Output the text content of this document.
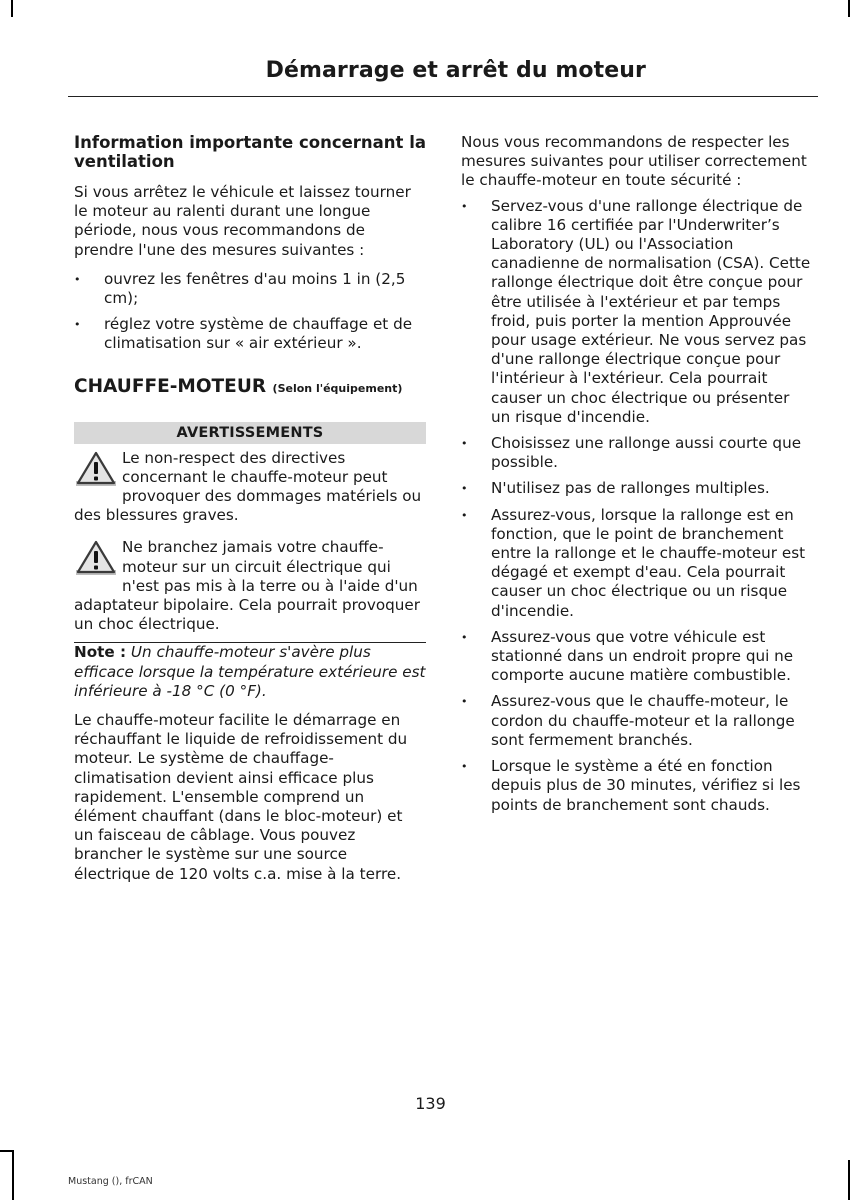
Démarrage et arrêt du moteur
Information importante concernant la ventilation

Si vous arrêtez le véhicule et laissez tourner le moteur au ralenti durant une longue période, nous vous recommandons de prendre l'une des mesures suivantes :

• ouvrez les fenêtres d'au moins 1 in (2,5 cm);
• réglez votre système de chauffage et de climatisation sur « air extérieur ».
CHAUFFE-MOTEUR (Selon l'équipement)
AVERTISSEMENTS

Le non-respect des directives concernant le chauffe-moteur peut provoquer des dommages matériels ou des blessures graves.

Ne branchez jamais votre chauffe-moteur sur un circuit électrique qui n'est pas mis à la terre ou à l'aide d'un adaptateur bipolaire. Cela pourrait provoquer un choc électrique.

Note : Un chauffe-moteur s'avère plus efficace lorsque la température extérieure est inférieure à -18 °C (0 °F).

Le chauffe-moteur facilite le démarrage en réchauffant le liquide de refroidissement du moteur. Le système de chauffage-climatisation devient ainsi efficace plus rapidement. L'ensemble comprend un élément chauffant (dans le bloc-moteur) et un faisceau de câblage. Vous pouvez brancher le système sur une source électrique de 120 volts c.a. mise à la terre.

Nous vous recommandons de respecter les mesures suivantes pour utiliser correctement le chauffe-moteur en toute sécurité :

• Servez-vous d'une rallonge électrique de calibre 16 certifiée par l'Underwriter’s Laboratory (UL) ou l'Association canadienne de normalisation (CSA). Cette rallonge électrique doit être conçue pour être utilisée à l'extérieur et par temps froid, puis porter la mention Approuvée pour usage extérieur. Ne vous servez pas d'une rallonge électrique conçue pour l'intérieur à l'extérieur. Cela pourrait causer un choc électrique ou présenter un risque d'incendie.
• Choisissez une rallonge aussi courte que possible.
• N'utilisez pas de rallonges multiples.
• Assurez-vous, lorsque la rallonge est en fonction, que le point de branchement entre la rallonge et le chauffe-moteur est dégagé et exempt d'eau. Cela pourrait causer un choc électrique ou un risque d'incendie.
• Assurez-vous que votre véhicule est stationné dans un endroit propre qui ne comporte aucune matière combustible.
• Assurez-vous que le chauffe-moteur, le cordon du chauffe-moteur et la rallonge sont fermement branchés.
• Lorsque le système a été en fonction depuis plus de 30 minutes, vérifiez si les points de branchement sont chauds.
139
Mustang (), frCAN
